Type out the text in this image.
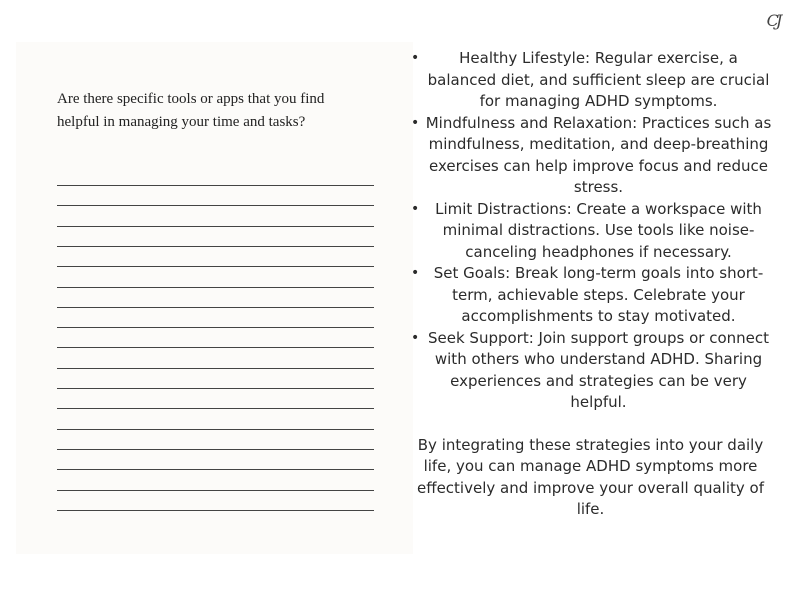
CJ

Are there specific tools or apps that you find helpful in managing your time and tasks?

•	Healthy Lifestyle: Regular exercise, a balanced diet, and sufficient sleep are crucial for managing ADHD symptoms.
• Mindfulness and Relaxation: Practices such as mindfulness, meditation, and deep-breathing exercises can help improve focus and reduce stress.
• Limit Distractions: Create a workspace with minimal distractions. Use tools like noise-canceling headphones if necessary.
• Set Goals: Break long-term goals into short-term, achievable steps. Celebrate your accomplishments to stay motivated.
• Seek Support: Join support groups or connect with others who understand ADHD. Sharing experiences and strategies can be very helpful.

By integrating these strategies into your daily life, you can manage ADHD symptoms more effectively and improve your overall quality of life.
